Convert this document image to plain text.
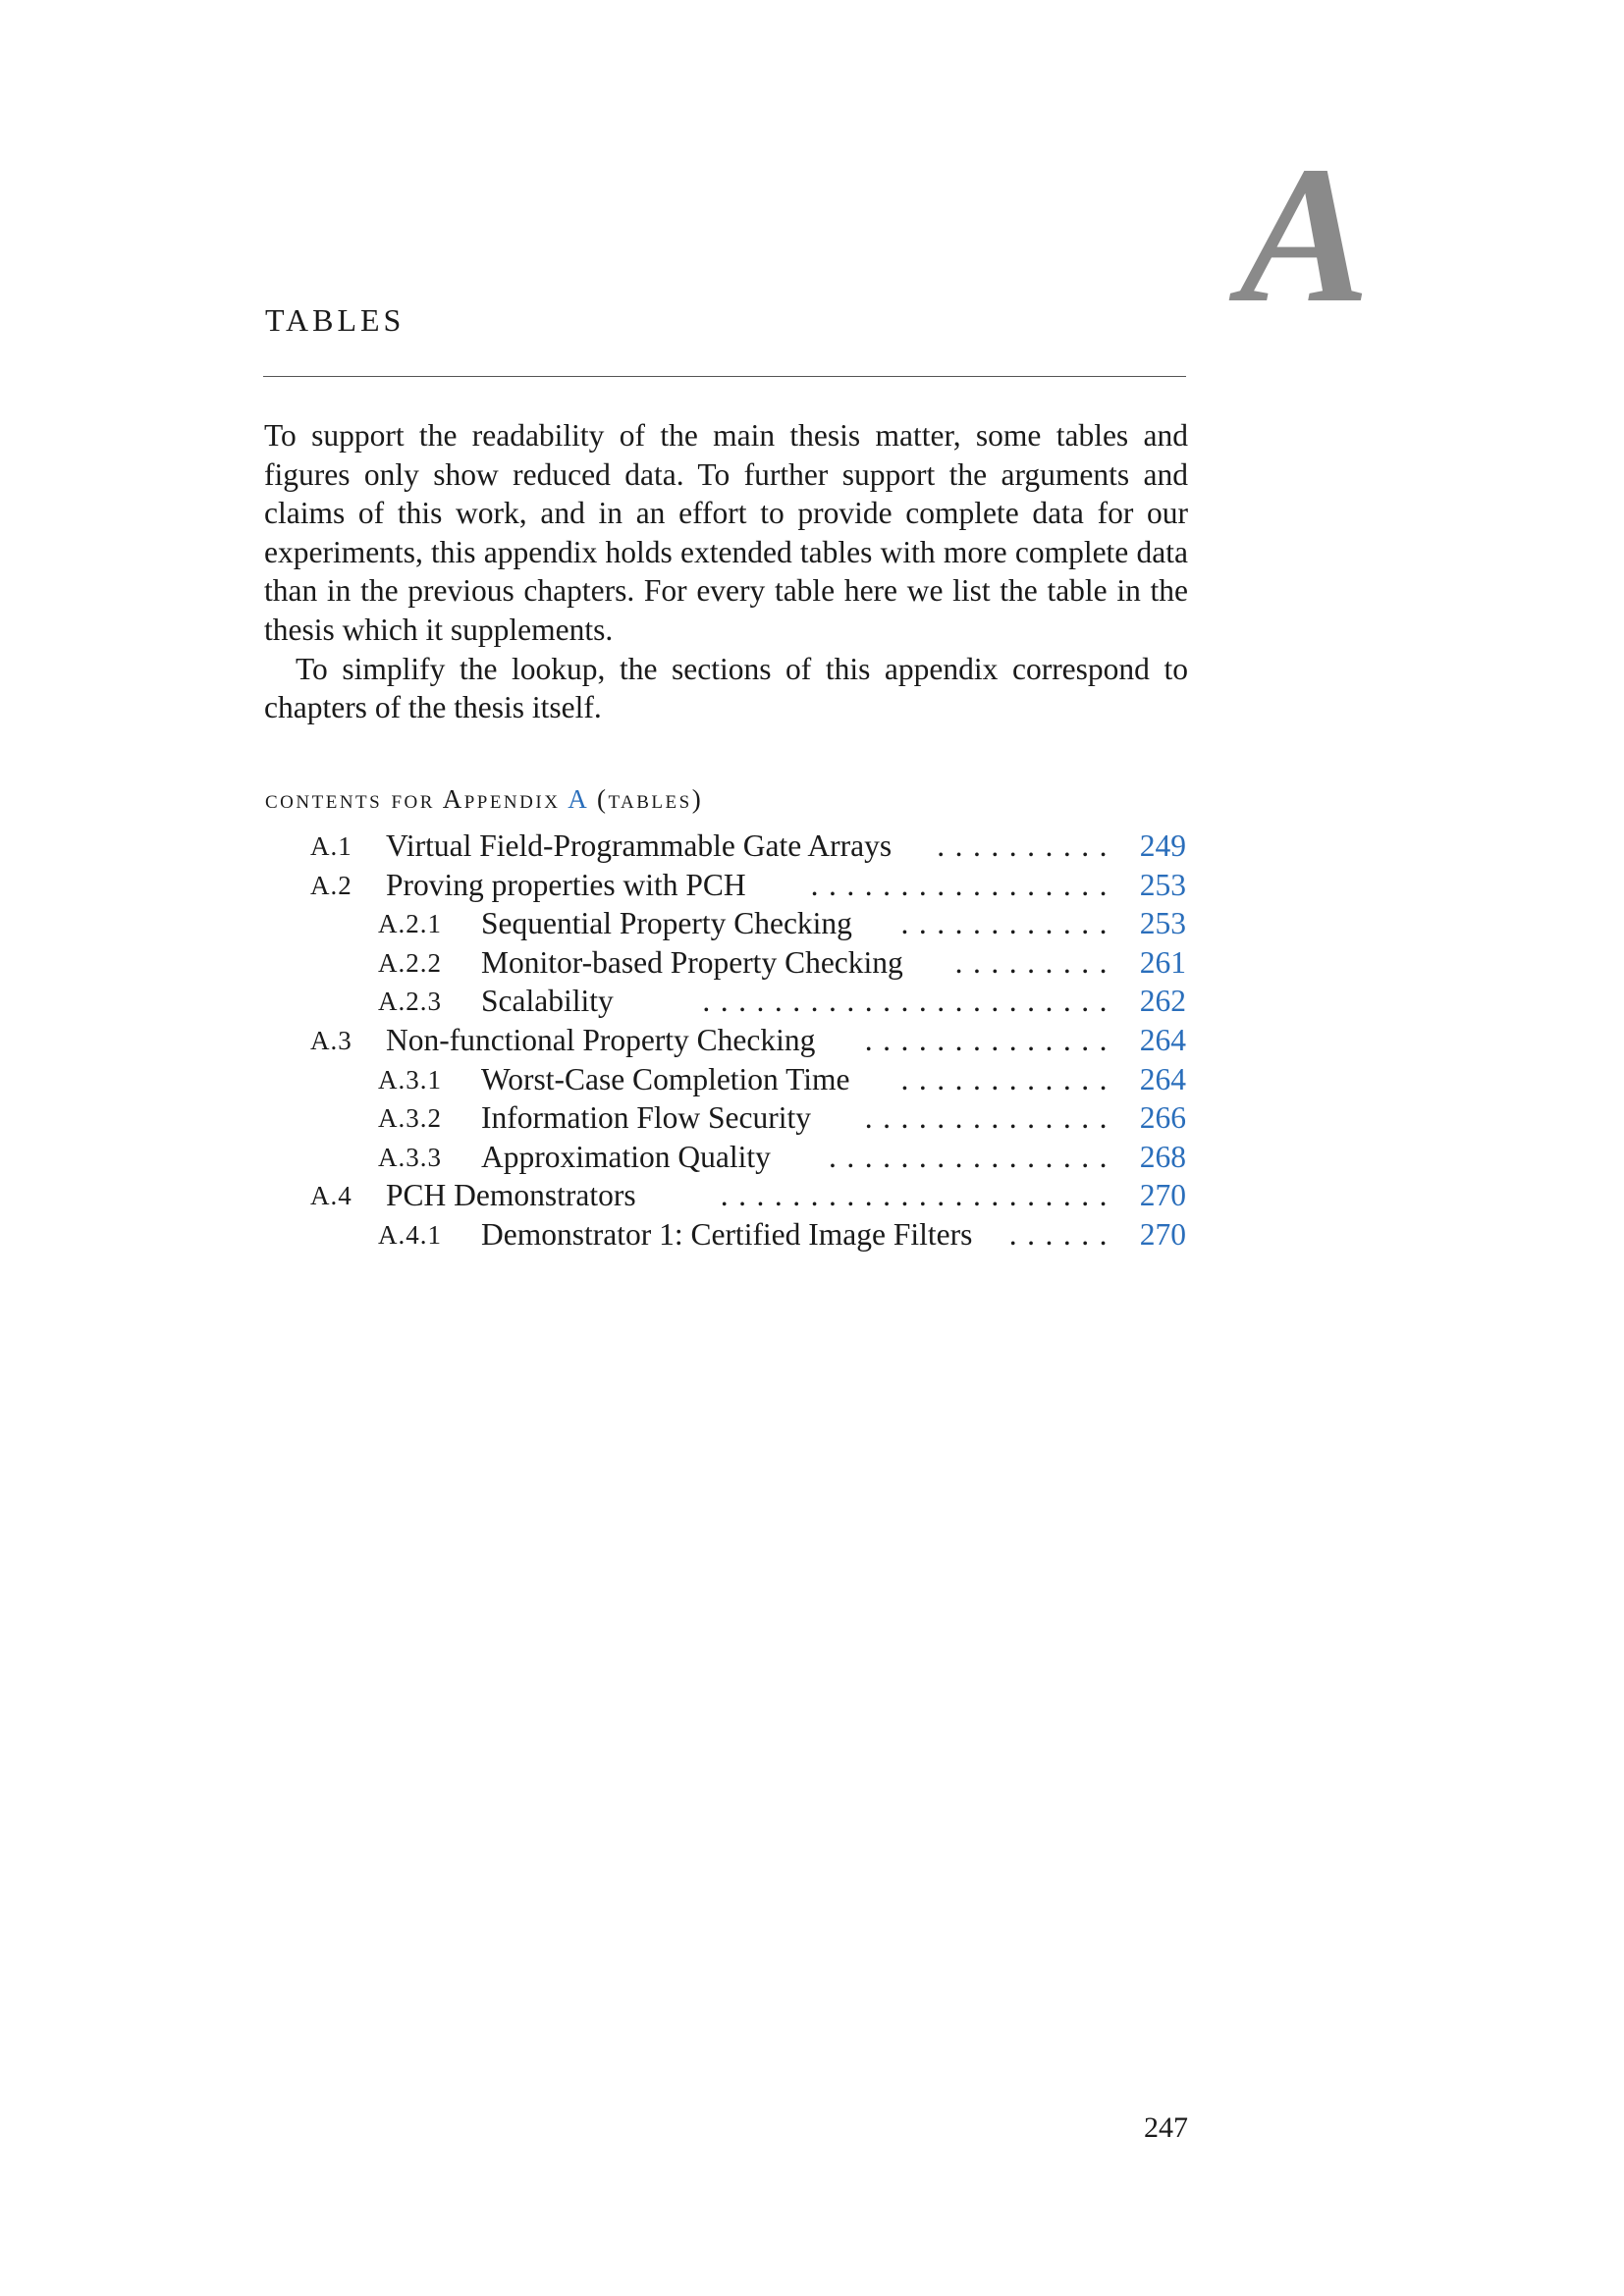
A
TABLES

To support the readability of the main thesis matter, some tables and figures only show reduced data. To further support the arguments and claims of this work, and in an effort to provide complete data for our experiments, this appendix holds extended tables with more complete data than in the previous chapters. For every table here we list the table in the thesis which it supplements.

To simplify the lookup, the sections of this appendix correspond to chapters of the thesis itself.

contents for Appendix A (tables)
A.1 Virtual Field-Programmable Gate Arrays	.......... 249
A.2 Proving properties with PCH	................. 253
A.2.1 Sequential Property Checking	............ 253
A.2.2 Monitor-based Property Checking	......... 261
A.2.3 Scalability	....................... 262
A.3 Non-functional Property Checking	.............. 264
A.3.1 Worst-Case Completion Time	............ 264
A.3.2 Information Flow Security	.............. 266
A.3.3 Approximation Quality	................ 268
A.4 PCH Demonstrators	...................... 270
A.4.1 Demonstrator 1: Certified Image Filters	...... 270
247
